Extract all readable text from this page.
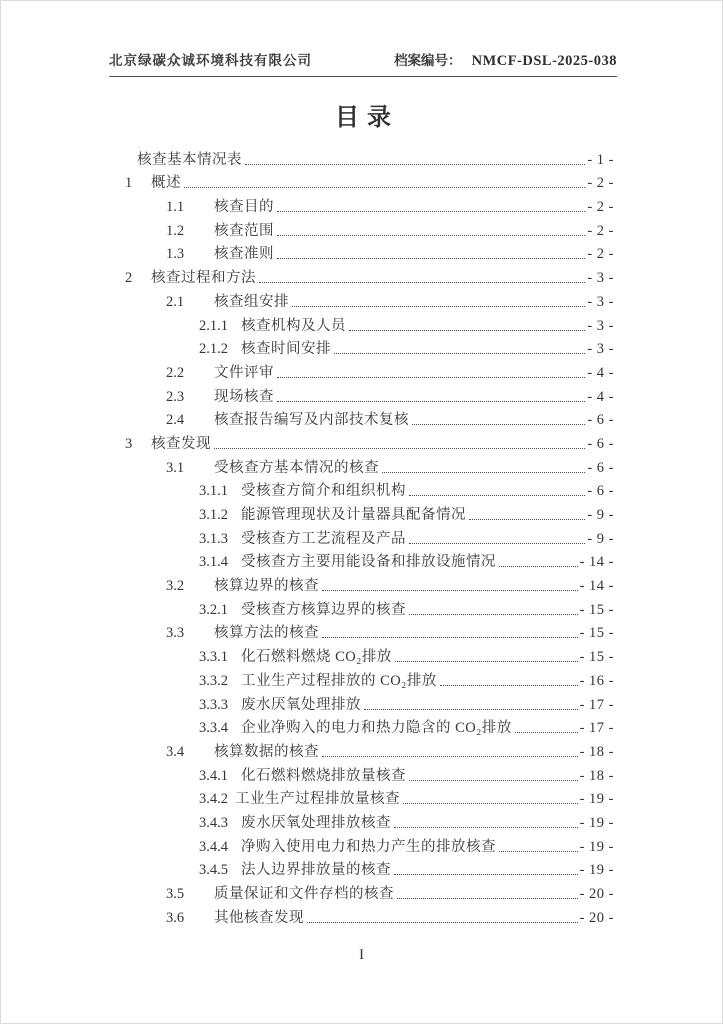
北京绿碳众诚环境科技有限公司	档案编号： NMCF-DSL-2025-038
目录
核查基本情况表	- 1 -
1	概述	- 2 -
1.1	核查目的	- 2 -
1.2	核查范围	- 2 -
1.3	核查准则	- 2 -
2	核查过程和方法	- 3 -
2.1	核查组安排	- 3 -
2.1.1 核查机构及人员	- 3 -
2.1.2 核查时间安排	- 3 -
2.2	文件评审	- 4 -
2.3	现场核查	- 4 -
2.4	核查报告编写及内部技术复核	- 6 -
3	核查发现	- 6 -
3.1	受核查方基本情况的核查	- 6 -
3.1.1 受核查方简介和组织机构	- 6 -
3.1.2 能源管理现状及计量器具配备情况	- 9 -
3.1.3 受核查方工艺流程及产品	- 9 -
3.1.4 受核查方主要用能设备和排放设施情况	- 14 -
3.2	核算边界的核查	- 14 -
3.2.1 受核查方核算边界的核查	- 15 -
3.3	核算方法的核查	- 15 -
3.3.1 化石燃料燃烧 CO₂排放	- 15 -
3.3.2 工业生产过程排放的 CO₂排放	- 16 -
3.3.3 废水厌氧处理排放	- 17 -
3.3.4 企业净购入的电力和热力隐含的 CO₂排放	- 17 -
3.4	核算数据的核查	- 18 -
3.4.1 化石燃料燃烧排放量核查	- 18 -
3.4.2 工业生产过程排放量核查	- 19 -
3.4.3 废水厌氧处理排放核查	- 19 -
3.4.4 净购入使用电力和热力产生的排放核查	- 19 -
3.4.5 法人边界排放量的核查	- 19 -
3.5	质量保证和文件存档的核查	- 20 -
3.6	其他核查发现	- 20 -
I
